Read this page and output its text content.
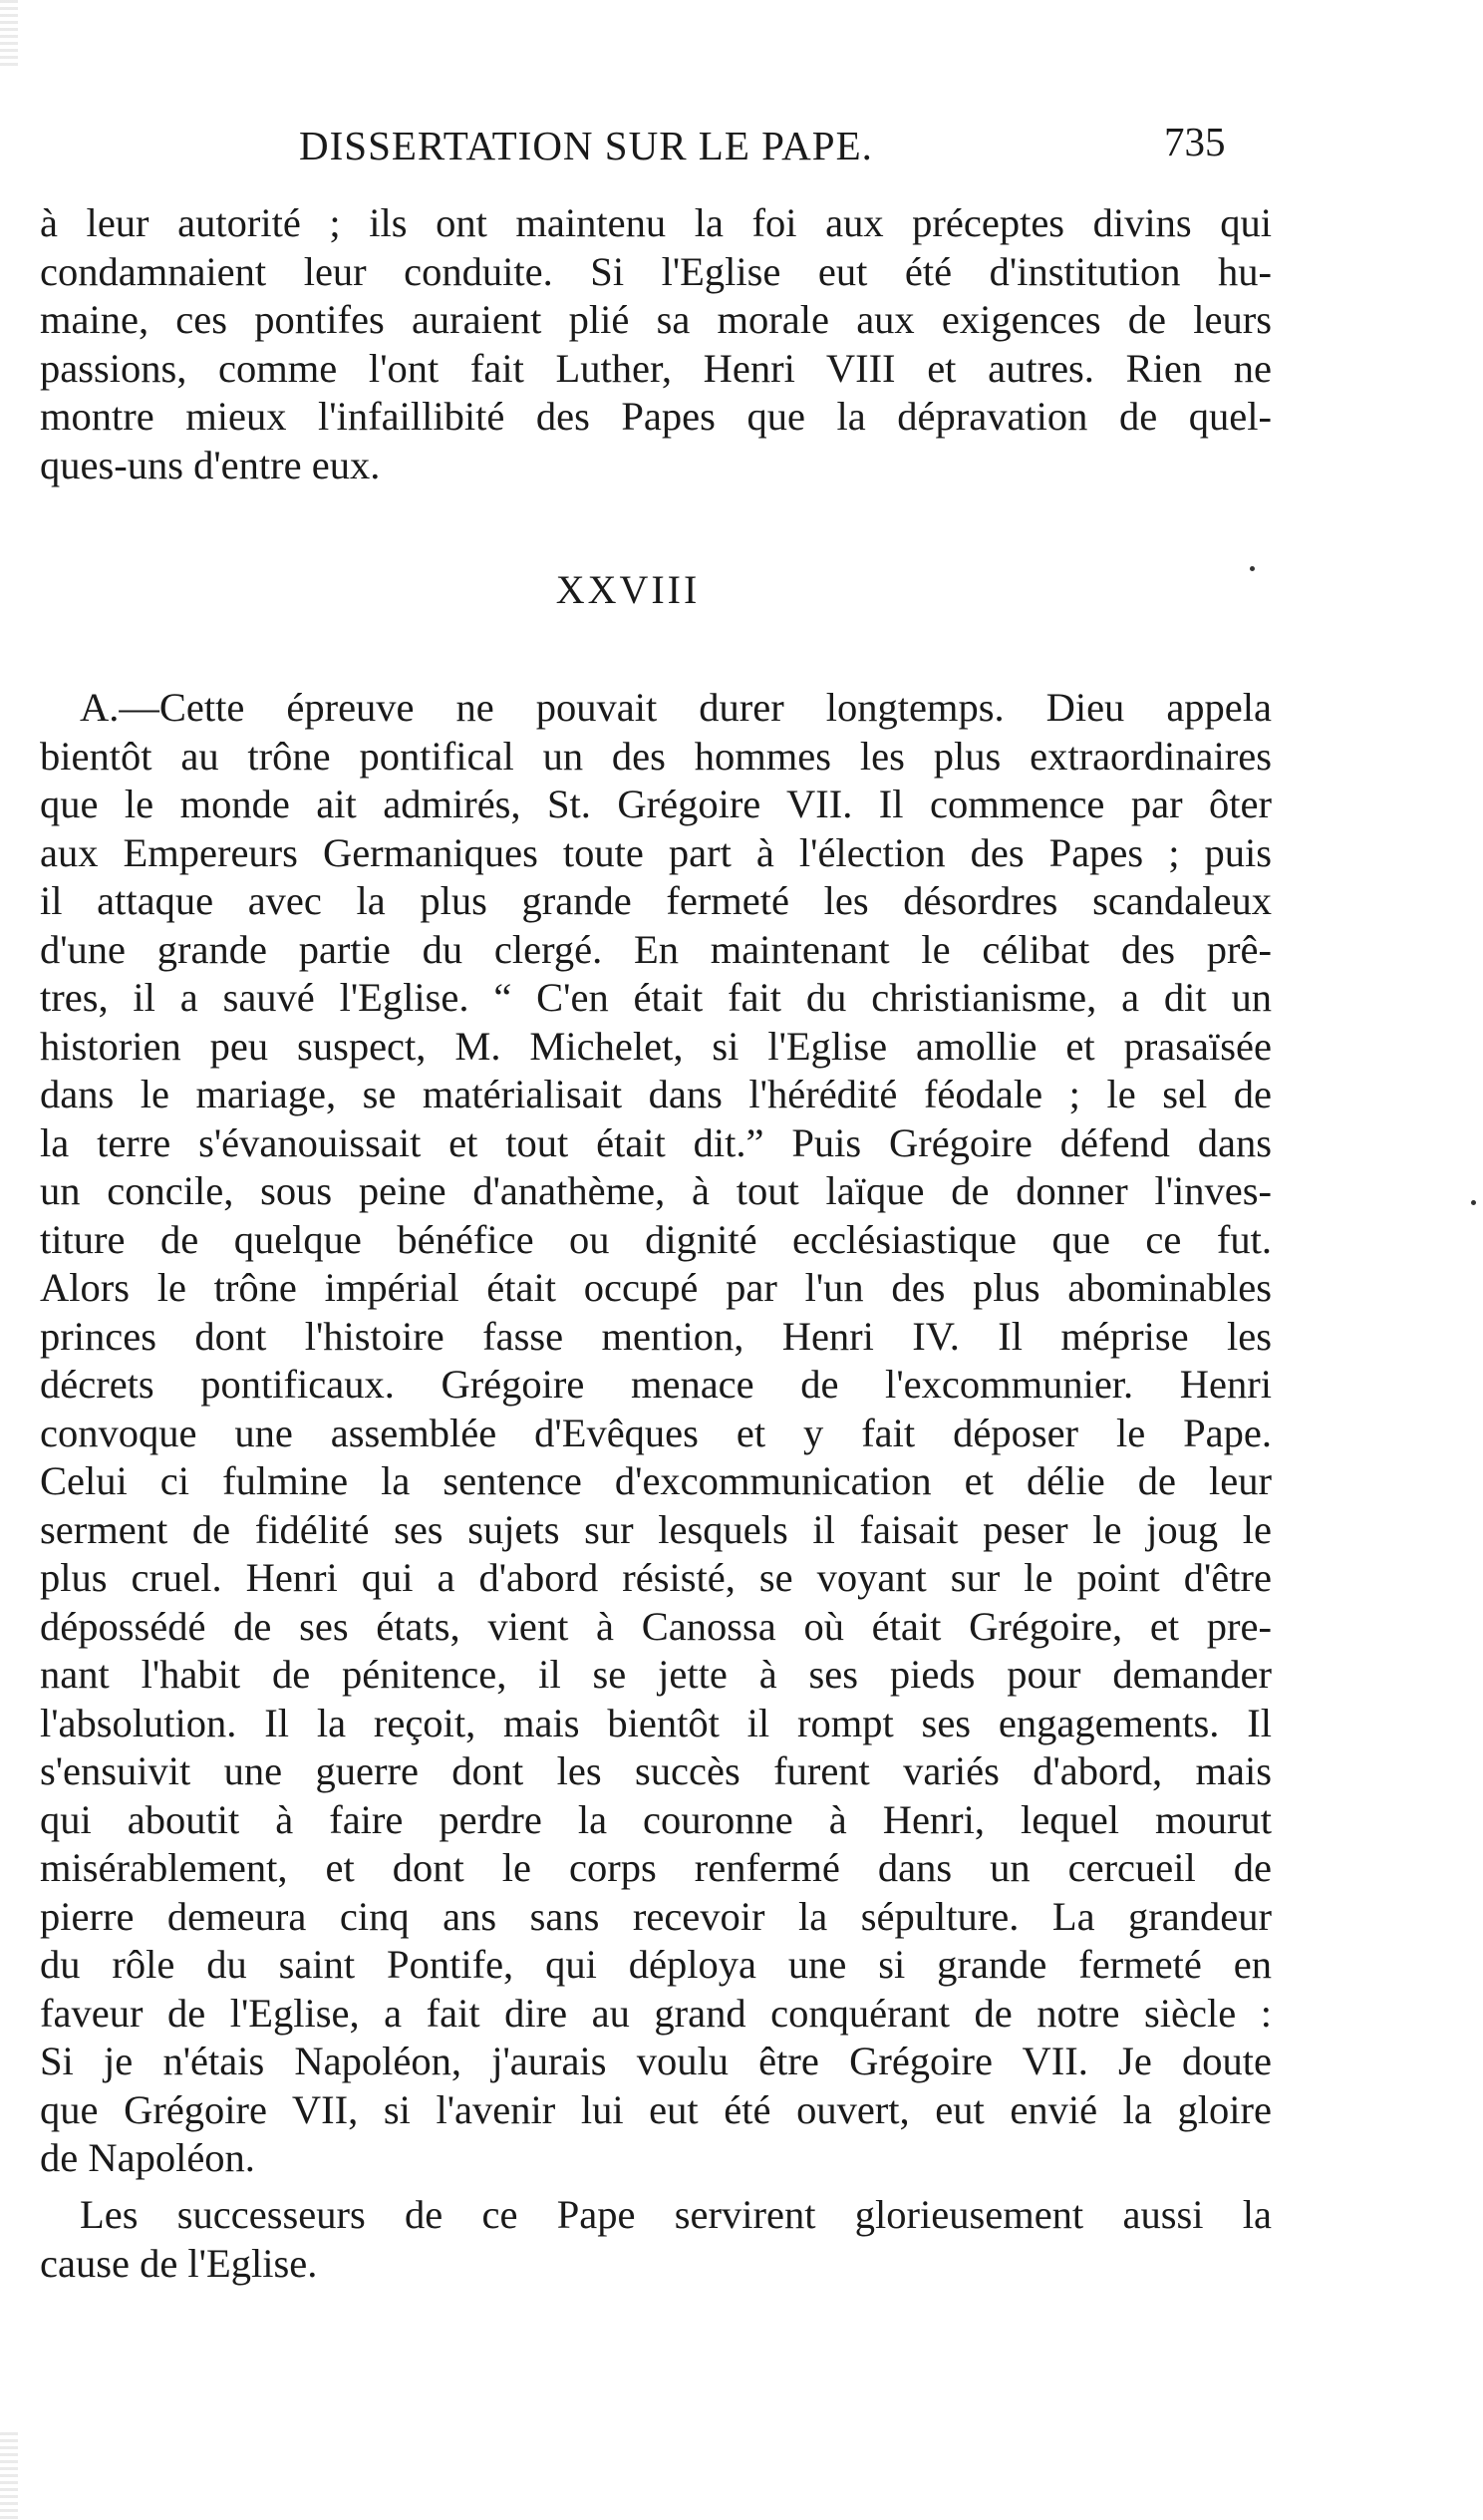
DISSERTATION SUR LE PAPE.	735
à leur autorité ; ils ont maintenu la foi aux préceptes divins qui
condamnaient leur conduite. Si l'Eglise eut été d'institution hu-
maine, ces pontifes auraient plié sa morale aux exigences de leurs
passions, comme l'ont fait Luther, Henri VIII et autres. Rien ne
montre mieux l'infaillibité des Papes que la dépravation de quel-
ques-uns d'entre eux.
XXVIII
A.—Cette épreuve ne pouvait durer longtemps. Dieu appela
bientôt au trône pontifical un des hommes les plus extraordinaires
que le monde ait admirés, St. Grégoire VII. Il commence par ôter
aux Empereurs Germaniques toute part à l'élection des Papes ; puis
il attaque avec la plus grande fermeté les désordres scandaleux
d'une grande partie du clergé. En maintenant le célibat des prê-
tres, il a sauvé l'Eglise. “ C'en était fait du christianisme, a dit un
historien peu suspect, M. Michelet, si l'Eglise amollie et prasaïsée
dans le mariage, se matérialisait dans l'hérédité féodale ; le sel de
la terre s'évanouissait et tout était dit.” Puis Grégoire défend dans
un concile, sous peine d'anathème, à tout laïque de donner l'inves-
titure de quelque bénéfice ou dignité ecclésiastique que ce fut.
Alors le trône impérial était occupé par l'un des plus abominables
princes dont l'histoire fasse mention, Henri IV. Il méprise les
décrets pontificaux. Grégoire menace de l'excommunier. Henri
convoque une assemblée d'Evêques et y fait déposer le Pape.
Celui ci fulmine la sentence d'excommunication et délie de leur
serment de fidélité ses sujets sur lesquels il faisait peser le joug le
plus cruel. Henri qui a d'abord résisté, se voyant sur le point d'être
dépossédé de ses états, vient à Canossa où était Grégoire, et pre-
nant l'habit de pénitence, il se jette à ses pieds pour demander
l'absolution. Il la reçoit, mais bientôt il rompt ses engagements. Il
s'ensuivit une guerre dont les succès furent variés d'abord, mais
qui aboutit à faire perdre la couronne à Henri, lequel mourut
misérablement, et dont le corps renfermé dans un cercueil de
pierre demeura cinq ans sans recevoir la sépulture. La grandeur
du rôle du saint Pontife, qui déploya une si grande fermeté en
faveur de l'Eglise, a fait dire au grand conquérant de notre siècle :
Si je n'étais Napoléon, j'aurais voulu être Grégoire VII. Je doute
que Grégoire VII, si l'avenir lui eut été ouvert, eut envié la gloire
de Napoléon.
Les successeurs de ce Pape servirent glorieusement aussi la
cause de l'Eglise.
